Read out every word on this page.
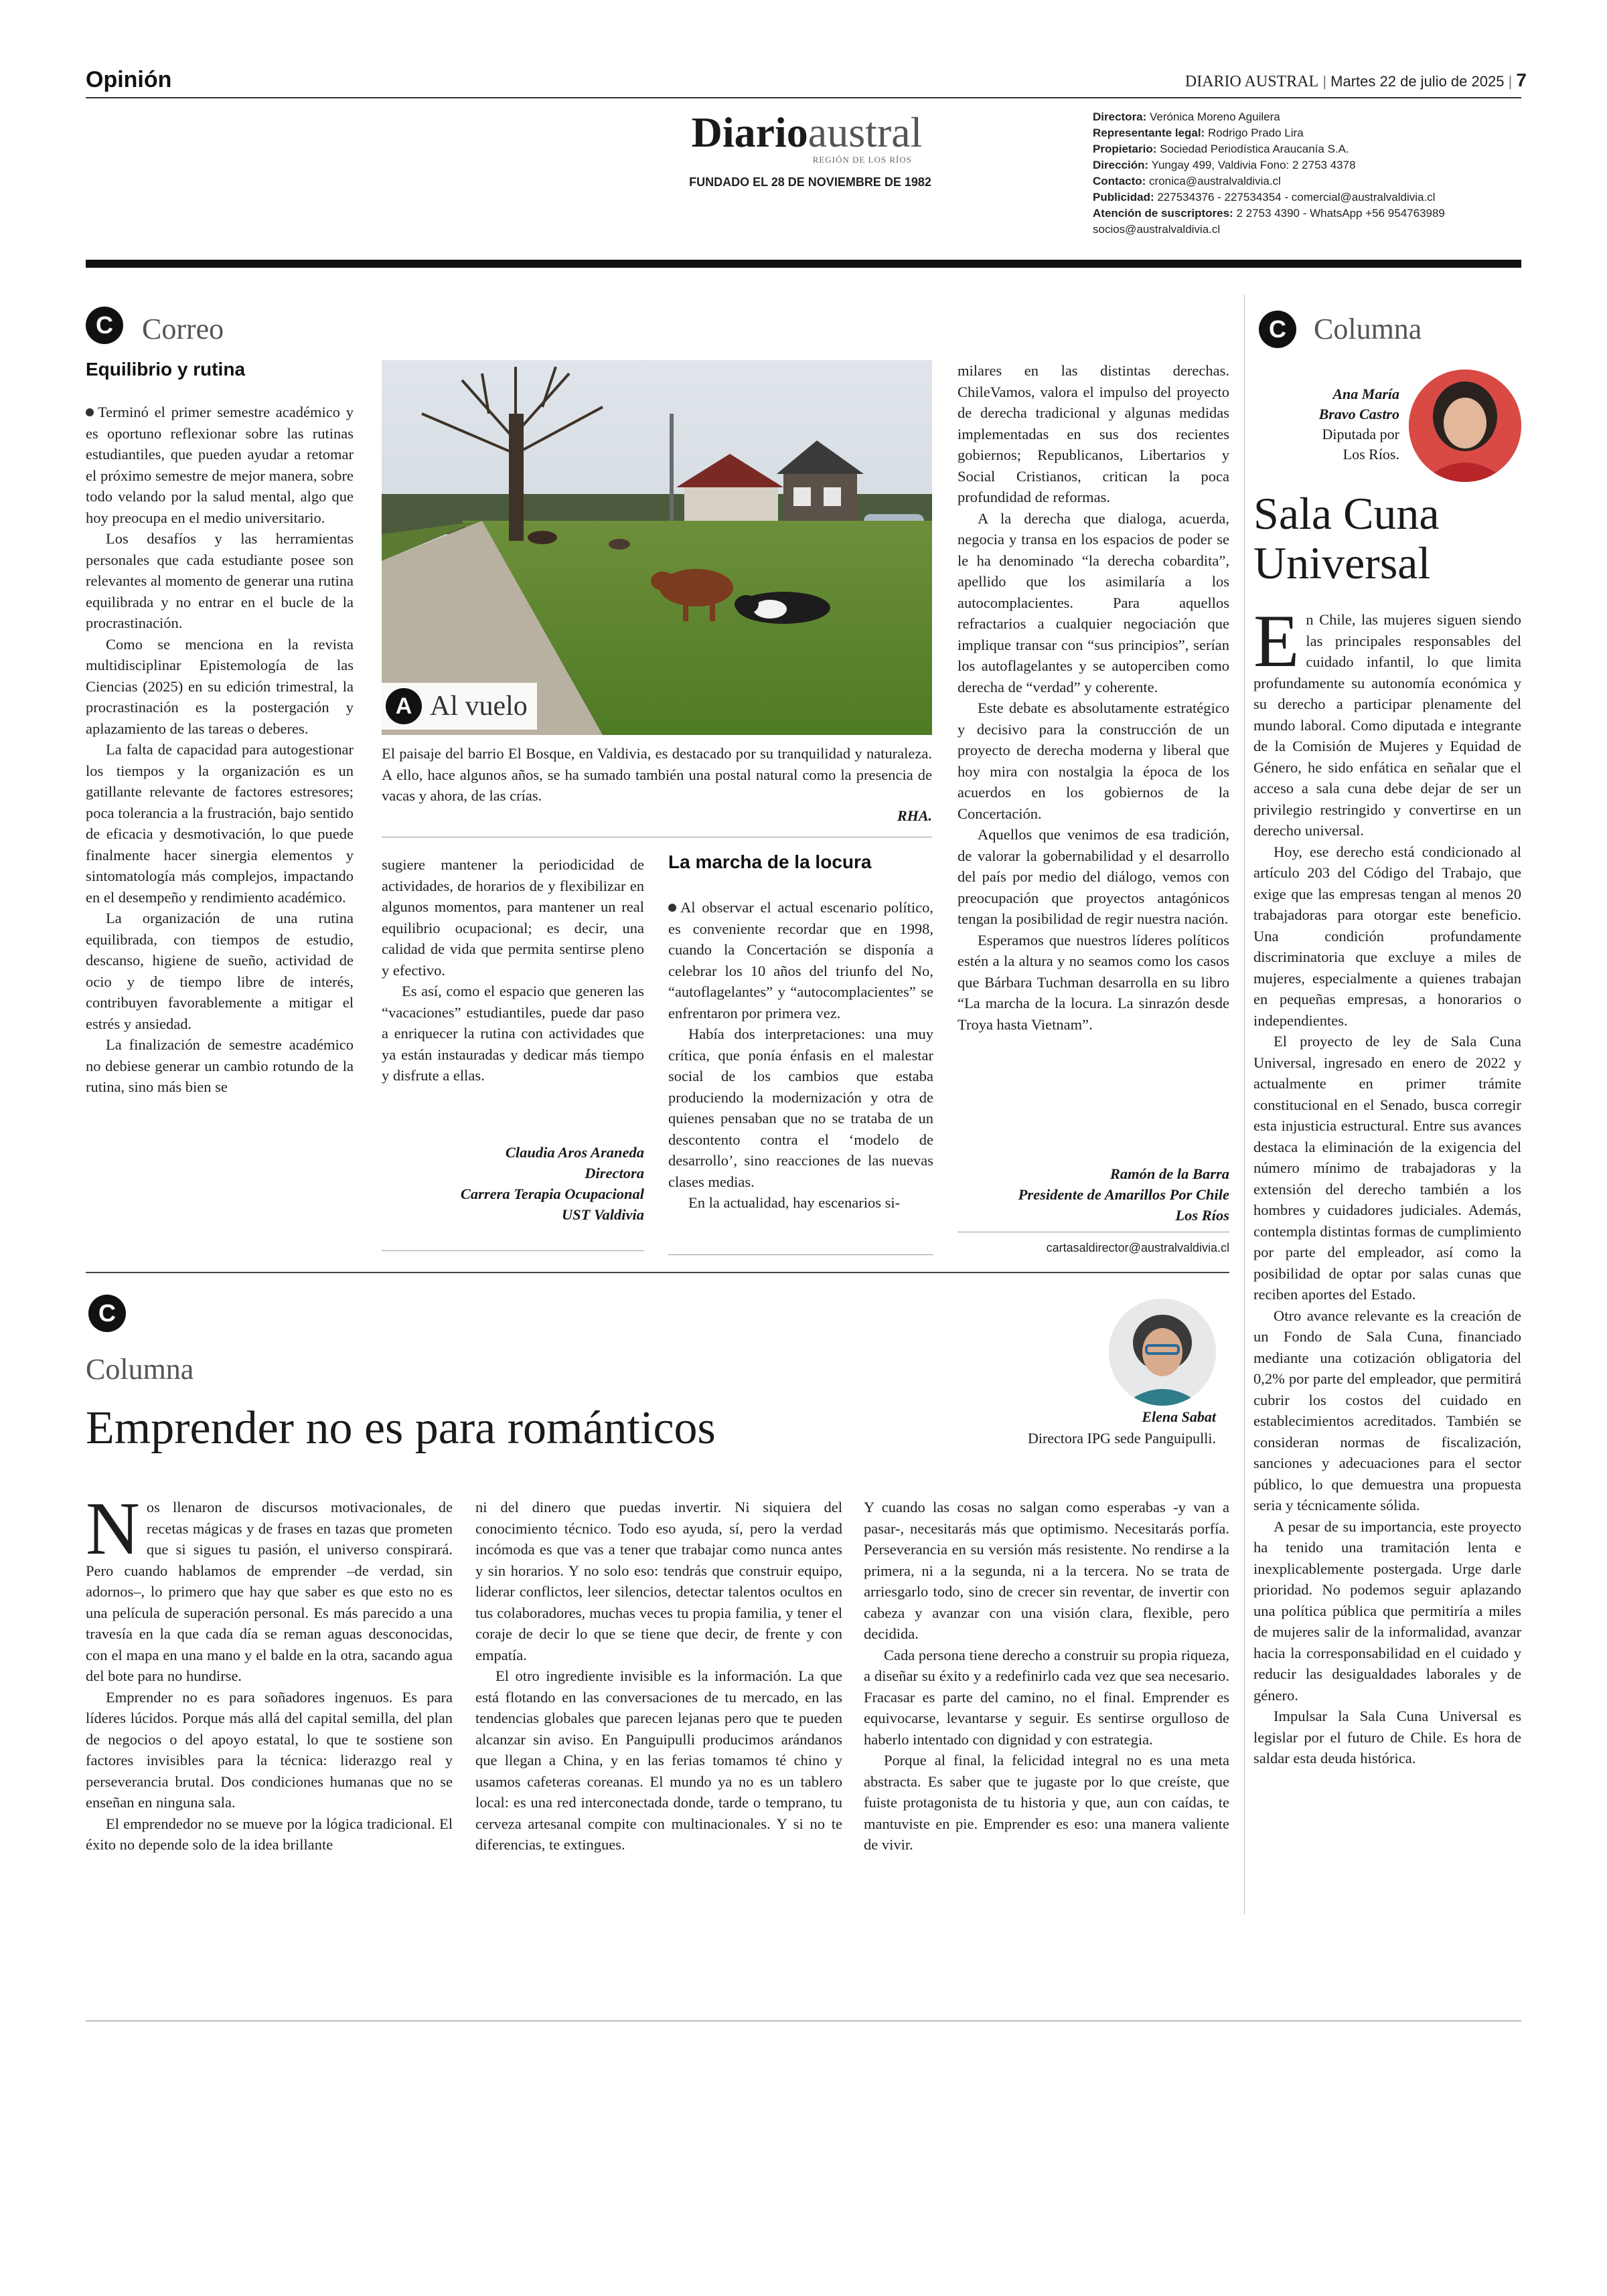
Opinión	DIARIO AUSTRAL | Martes 22 de julio de 2025 | 7
Diarioaustral
REGIÓN DE LOS RÍOS
FUNDADO EL 28 DE NOVIEMBRE DE 1982
Directora: Verónica Moreno Aguilera
Representante legal: Rodrigo Prado Lira
Propietario: Sociedad Periodística Araucanía S.A.
Dirección: Yungay 499, Valdivia Fono: 2 2753 4378
Contacto: cronica@australvaldivia.cl
Publicidad: 227534376 - 227534354 - comercial@australvaldivia.cl
Atención de suscriptores: 2 2753 4390 - WhatsApp +56 954763989
socios@australvaldivia.cl
C Correo
Equilibrio y rutina

Terminó el primer semestre académico y es oportuno reflexionar sobre las rutinas estudiantiles, que pueden ayudar a retomar el próximo semestre de mejor manera, sobre todo velando por la salud mental, algo que hoy preocupa en el medio universitario.

Los desafíos y las herramientas personales que cada estudiante posee son relevantes al momento de generar una rutina equilibrada y no entrar en el bucle de la procrastinación.

Como se menciona en la revista multidisciplinar Epistemología de las Ciencias (2025) en su edición trimestral, la procrastinación es la postergación y aplazamiento de las tareas o deberes.

La falta de capacidad para autogestionar los tiempos y la organización es un gatillante relevante de factores estresores; poca tolerancia a la frustración, bajo sentido de eficacia y desmotivación, lo que puede finalmente hacer sinergia elementos y sintomatología más complejos, impactando en el desempeño y rendimiento académico.

La organización de una rutina equilibrada, con tiempos de estudio, descanso, higiene de sueño, actividad de ocio y de tiempo libre de interés, contribuyen favorablemente a mitigar el estrés y ansiedad.

La finalización de semestre académico no debiese generar un cambio rotundo de la rutina, sino más bien se

A Al vuelo
El paisaje del barrio El Bosque, en Valdivia, es destacado por su tranquilidad y naturaleza. A ello, hace algunos años, se ha sumado también una postal natural como la presencia de vacas y ahora, de las crías.
RHA.

sugiere mantener la periodicidad de actividades, de horarios de y flexibilizar en algunos momentos, para mantener un real equilibrio ocupacional; es decir, una calidad de vida que permita sentirse pleno y efectivo.

Es así, como el espacio que generen las “vacaciones” estudiantiles, puede dar paso a enriquecer la rutina con actividades que ya están instauradas y dedicar más tiempo y disfrute a ellas.

Claudia Aros Araneda
Directora
Carrera Terapia Ocupacional
UST Valdivia
La marcha de la locura

Al observar el actual escenario político, es conveniente recordar que en 1998, cuando la Concertación se disponía a celebrar los 10 años del triunfo del No, “autoflagelantes” y “autocomplacientes” se enfrentaron por primera vez.

Había dos interpretaciones: una muy crítica, que ponía énfasis en el malestar social de los cambios que estaba produciendo la modernización y otra de quienes pensaban que no se trataba de un descontento contra el ‘modelo de desarrollo’, sino reacciones de las nuevas clases medias.

En la actualidad, hay escenarios si-

milares en las distintas derechas. ChileVamos, valora el impulso del proyecto de derecha tradicional y algunas medidas implementadas en sus dos recientes gobiernos; Republicanos, Libertarios y Social Cristianos, critican la poca profundidad de reformas.

A la derecha que dialoga, acuerda, negocia y transa en los espacios de poder se le ha denominado “la derecha cobardita”, apellido que los asimilaría a los autocomplacientes. Para aquellos refractarios a cualquier negociación que implique transar con “sus principios”, serían los autoflagelantes y se autoperciben como derecha de “verdad” y coherente.

Este debate es absolutamente estratégico y decisivo para la construcción de un proyecto de derecha moderna y liberal que hoy mira con nostalgia la época de los acuerdos en los gobiernos de la Concertación.

Aquellos que venimos de esa tradición, de valorar la gobernabilidad y el desarrollo del país por medio del diálogo, vemos con preocupación que proyectos antagónicos tengan la posibilidad de regir nuestra nación.

Esperamos que nuestros líderes políticos estén a la altura y no seamos como los casos que Bárbara Tuchman desarrolla en su libro “La marcha de la locura. La sinrazón desde Troya hasta Vietnam”.

Ramón de la Barra
Presidente de Amarillos Por Chile
Los Ríos
cartasaldirector@australvaldivia.cl
C Columna
Ana María
Bravo Castro
Diputada por
Los Ríos.
Sala Cuna
Universal

En Chile, las mujeres siguen siendo las principales responsables del cuidado infantil, lo que limita profundamente su autonomía económica y su derecho a participar plenamente del mundo laboral. Como diputada e integrante de la Comisión de Mujeres y Equidad de Género, he sido enfática en señalar que el acceso a sala cuna debe dejar de ser un privilegio restringido y convertirse en un derecho universal.

Hoy, ese derecho está condicionado al artículo 203 del Código del Trabajo, que exige que las empresas tengan al menos 20 trabajadoras para otorgar este beneficio. Una condición profundamente discriminatoria que excluye a miles de mujeres, especialmente a quienes trabajan en pequeñas empresas, a honorarios o independientes.

El proyecto de ley de Sala Cuna Universal, ingresado en enero de 2022 y actualmente en primer trámite constitucional en el Senado, busca corregir esta injusticia estructural. Entre sus avances destaca la eliminación de la exigencia del número mínimo de trabajadoras y la extensión del derecho también a los hombres y cuidadores judiciales. Además, contempla distintas formas de cumplimiento por parte del empleador, así como la posibilidad de optar por salas cunas que reciben aportes del Estado.

Otro avance relevante es la creación de un Fondo de Sala Cuna, financiado mediante una cotización obligatoria del 0,2% por parte del empleador, que permitirá cubrir los costos del cuidado en establecimientos acreditados. También se consideran normas de fiscalización, sanciones y adecuaciones para el sector público, lo que demuestra una propuesta seria y técnicamente sólida.

A pesar de su importancia, este proyecto ha tenido una tramitación lenta e inexplicablemente postergada. Urge darle prioridad. No podemos seguir aplazando una política pública que permitiría a miles de mujeres salir de la informalidad, avanzar hacia la corresponsabilidad en el cuidado y reducir las desigualdades laborales y de género.

Impulsar la Sala Cuna Universal es legislar por el futuro de Chile. Es hora de saldar esta deuda histórica.

C
Columna
Emprender no es para románticos	Elena Sabat
Directora IPG sede Panguipulli.

Nos llenaron de discursos motivacionales, de recetas mágicas y de frases en tazas que prometen que si sigues tu pasión, el universo conspirará. Pero cuando hablamos de emprender –de verdad, sin adornos–, lo primero que hay que saber es que esto no es una película de superación personal. Es más parecido a una travesía en la que cada día se reman aguas desconocidas, con el mapa en una mano y el balde en la otra, sacando agua del bote para no hundirse.

Emprender no es para soñadores ingenuos. Es para líderes lúcidos. Porque más allá del capital semilla, del plan de negocios o del apoyo estatal, lo que te sostiene son factores invisibles para la técnica: liderazgo real y perseverancia brutal. Dos condiciones humanas que no se enseñan en ninguna sala.

El emprendedor no se mueve por la lógica tradicional. El éxito no depende solo de la idea brillante

ni del dinero que puedas invertir. Ni siquiera del conocimiento técnico. Todo eso ayuda, sí, pero la verdad incómoda es que vas a tener que trabajar como nunca antes y sin horarios. Y no solo eso: tendrás que construir equipo, liderar conflictos, leer silencios, detectar talentos ocultos en tus colaboradores, muchas veces tu propia familia, y tener el coraje de decir lo que se tiene que decir, de frente y con empatía.

El otro ingrediente invisible es la información. La que está flotando en las conversaciones de tu mercado, en las tendencias globales que parecen lejanas pero que te pueden alcanzar sin aviso. En Panguipulli producimos arándanos que llegan a China, y en las ferias tomamos té chino y usamos cafeteras coreanas. El mundo ya no es un tablero local: es una red interconectada donde, tarde o temprano, tu cerveza artesanal compite con multinacionales. Y si no te diferencias, te extingues.

Y cuando las cosas no salgan como esperabas -y van a pasar-, necesitarás más que optimismo. Necesitarás porfía. Perseverancia en su versión más resistente. No rendirse a la primera, ni a la segunda, ni a la tercera. No se trata de arriesgarlo todo, sino de crecer sin reventar, de invertir con cabeza y avanzar con una visión clara, flexible, pero decidida.

Cada persona tiene derecho a construir su propia riqueza, a diseñar su éxito y a redefinirlo cada vez que sea necesario. Fracasar es parte del camino, no el final. Emprender es equivocarse, levantarse y seguir. Es sentirse orgulloso de haberlo intentado con dignidad y con estrategia.

Porque al final, la felicidad integral no es una meta abstracta. Es saber que te jugaste por lo que creíste, que fuiste protagonista de tu historia y que, aun con caídas, te mantuviste en pie. Emprender es eso: una manera valiente de vivir.
